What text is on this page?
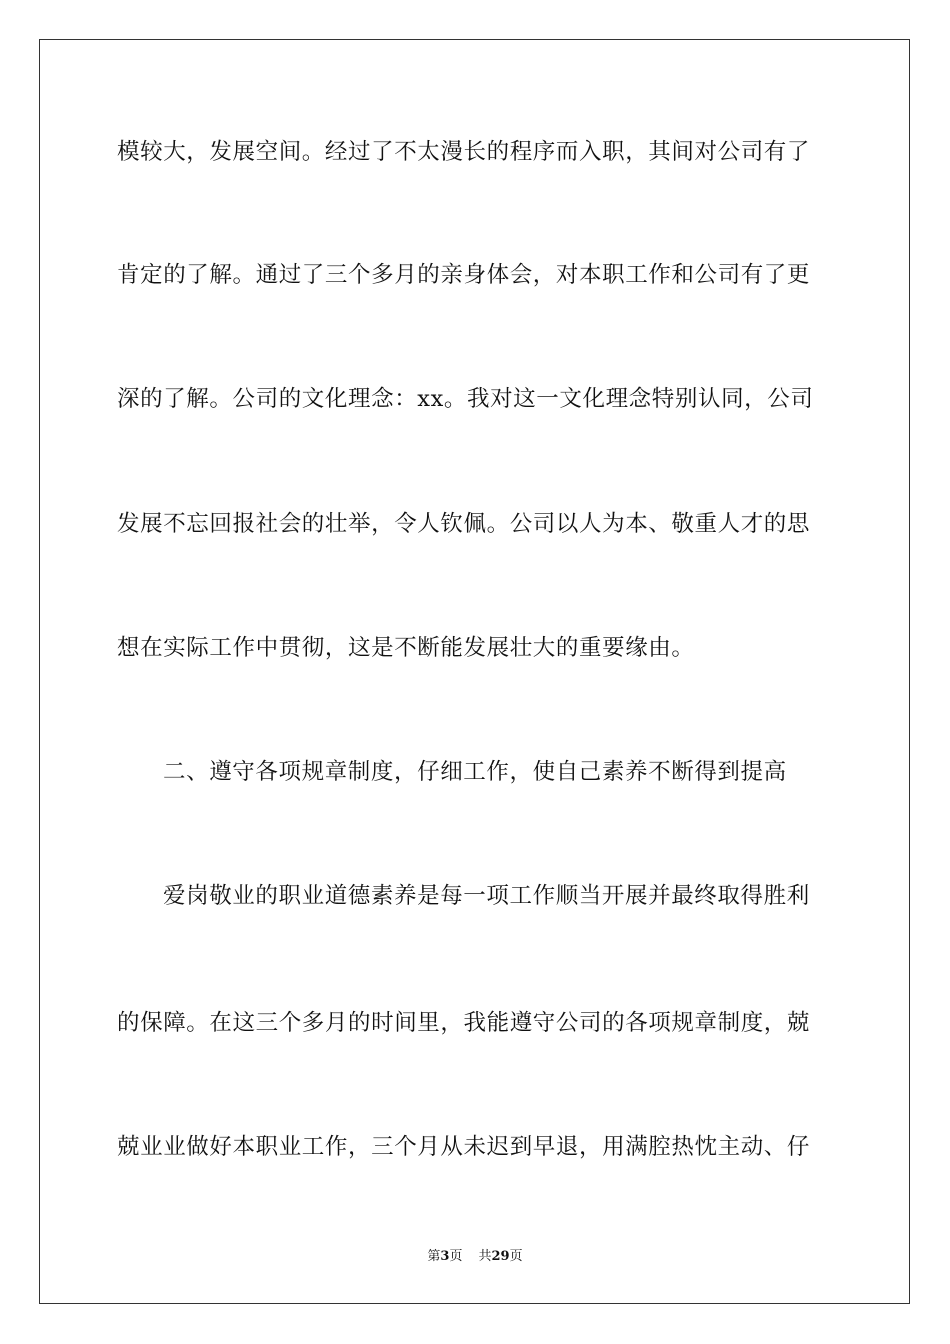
模较大，发展空间。经过了不太漫长的程序而入职，其间对公司有了
肯定的了解。通过了三个多月的亲身体会，对本职工作和公司有了更
深的了解。公司的文化理念：xx。我对这一文化理念特别认同，公司
发展不忘回报社会的壮举，令人钦佩。公司以人为本、敬重人才的思
想在实际工作中贯彻，这是不断能发展壮大的重要缘由。
二、遵守各项规章制度，仔细工作，使自己素养不断得到提高
爱岗敬业的职业道德素养是每一项工作顺当开展并最终取得胜利
的保障。在这三个多月的时间里，我能遵守公司的各项规章制度，兢
兢业业做好本职业工作，三个月从未迟到早退，用满腔热忱主动、仔
第3页 共29页
